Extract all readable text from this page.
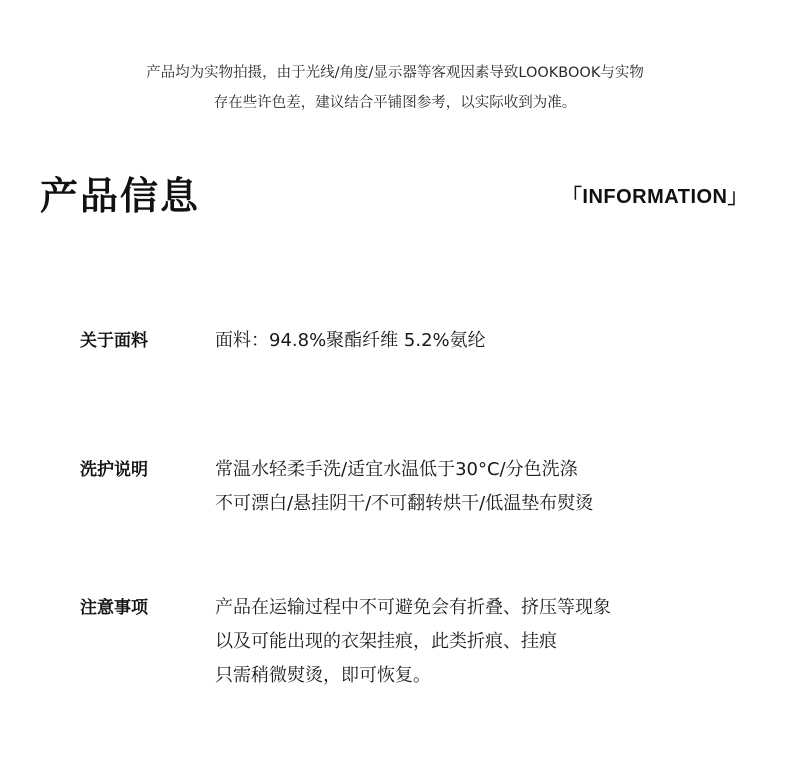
产品均为实物拍摄，由于光线/角度/显示器等客观因素导致LOOKBOOK与实物
存在些许色差，建议结合平铺图参考，以实际收到为准。
产品信息	「INFORMATION」
关于面料	面料：94.8%聚酯纤维 5.2%氨纶
洗护说明	常温水轻柔手洗/适宜水温低于30°C/分色洗涤
不可漂白/悬挂阴干/不可翻转烘干/低温垫布熨烫
注意事项	产品在运输过程中不可避免会有折叠、挤压等现象
以及可能出现的衣架挂痕，此类折痕、挂痕
只需稍微熨烫，即可恢复。
